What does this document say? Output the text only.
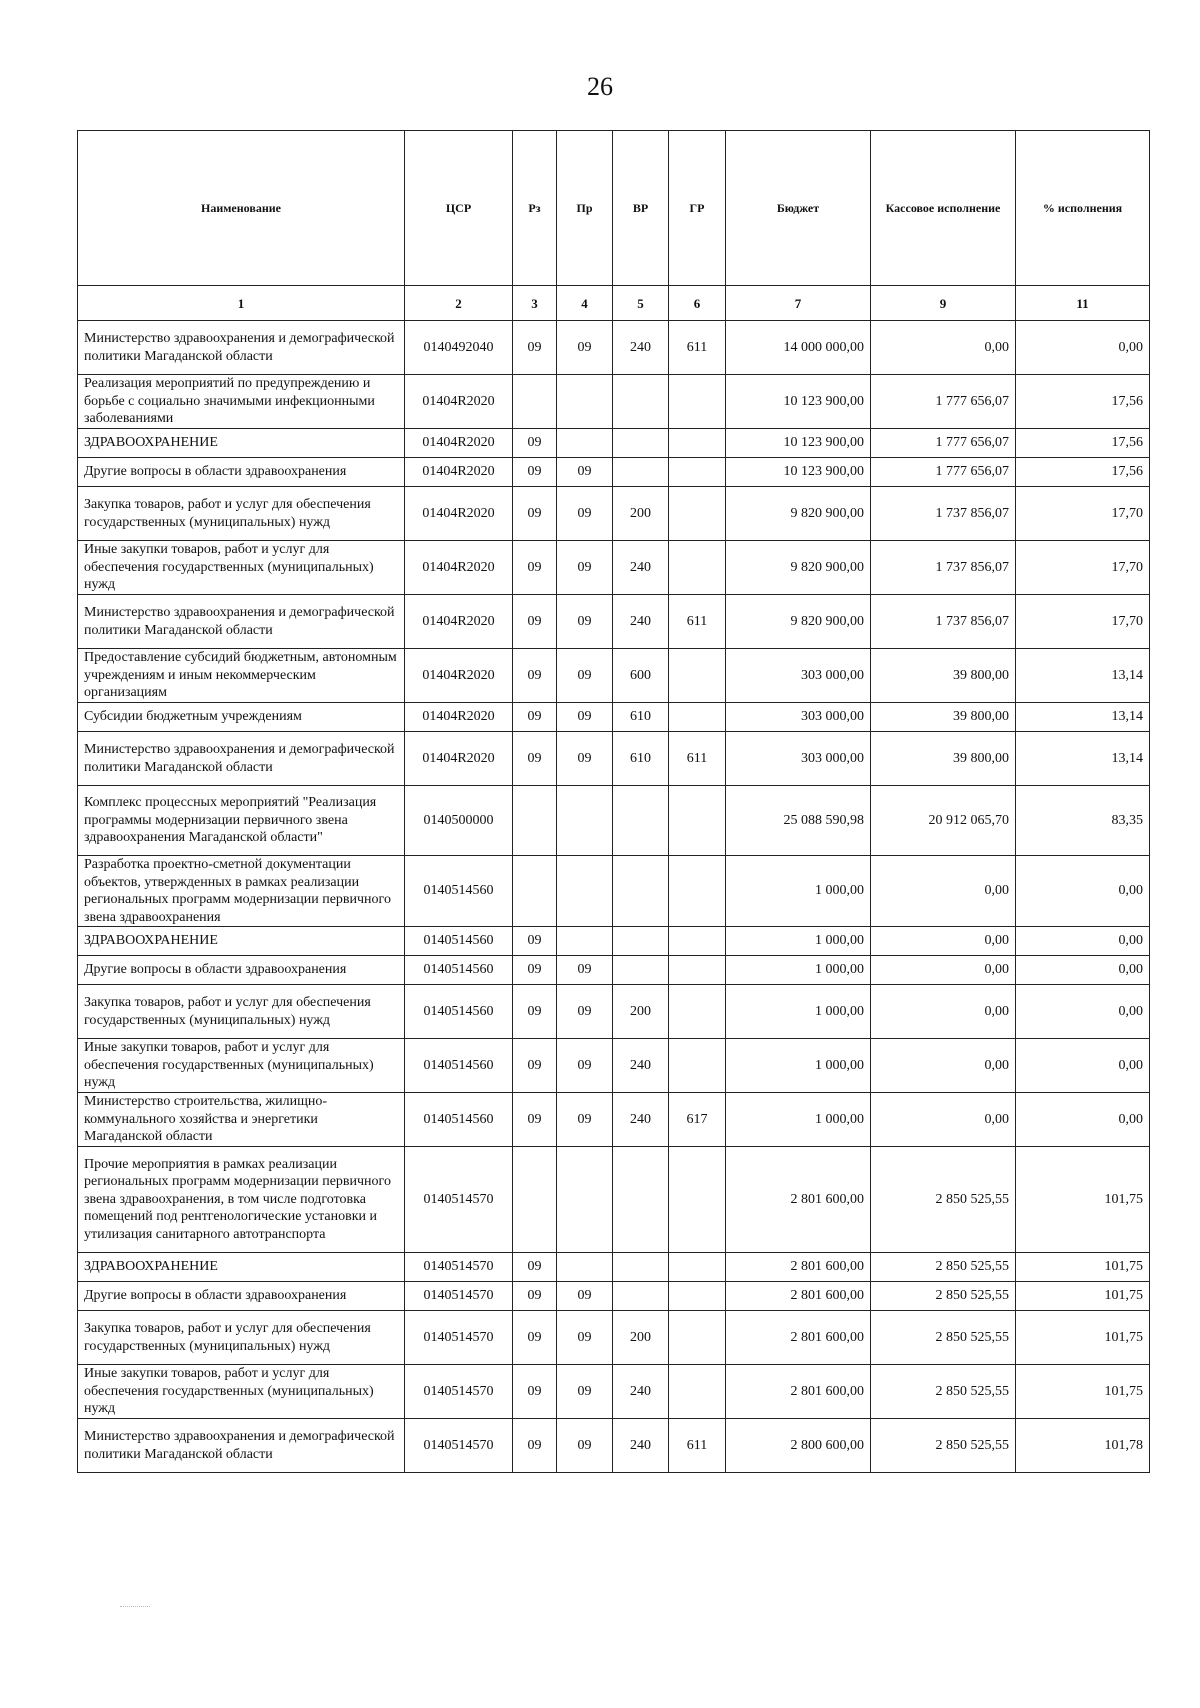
26
Наименование	ЦСР	Рз	Пр	ВР	ГР	Бюджет	Кассовое исполнение	% исполнения
1	2	3	4	5	6	7	9	11
Министерство здравоохранения и демографической политики Магаданской области	0140492040	09	09	240	611	14 000 000,00	0,00	0,00
Реализация мероприятий по предупреждению и борьбе с социально значимыми инфекционными заболеваниями	01404R2020					10 123 900,00	1 777 656,07	17,56
ЗДРАВООХРАНЕНИЕ	01404R2020	09				10 123 900,00	1 777 656,07	17,56
Другие вопросы в области здравоохранения	01404R2020	09	09			10 123 900,00	1 777 656,07	17,56
Закупка товаров, работ и услуг для обеспечения государственных (муниципальных) нужд	01404R2020	09	09	200		9 820 900,00	1 737 856,07	17,70
Иные закупки товаров, работ и услуг для обеспечения государственных (муниципальных) нужд	01404R2020	09	09	240		9 820 900,00	1 737 856,07	17,70
Министерство здравоохранения и демографической политики Магаданской области	01404R2020	09	09	240	611	9 820 900,00	1 737 856,07	17,70
Предоставление субсидий бюджетным, автономным учреждениям и иным некоммерческим организациям	01404R2020	09	09	600		303 000,00	39 800,00	13,14
Субсидии бюджетным учреждениям	01404R2020	09	09	610		303 000,00	39 800,00	13,14
Министерство здравоохранения и демографической политики Магаданской области	01404R2020	09	09	610	611	303 000,00	39 800,00	13,14
Комплекс процессных мероприятий "Реализация программы модернизации первичного звена здравоохранения Магаданской области"	0140500000					25 088 590,98	20 912 065,70	83,35
Разработка проектно-сметной документации объектов, утвержденных в рамках реализации региональных программ модернизации первичного звена здравоохранения	0140514560					1 000,00	0,00	0,00
ЗДРАВООХРАНЕНИЕ	0140514560	09				1 000,00	0,00	0,00
Другие вопросы в области здравоохранения	0140514560	09	09			1 000,00	0,00	0,00
Закупка товаров, работ и услуг для обеспечения государственных (муниципальных) нужд	0140514560	09	09	200		1 000,00	0,00	0,00
Иные закупки товаров, работ и услуг для обеспечения государственных (муниципальных) нужд	0140514560	09	09	240		1 000,00	0,00	0,00
Министерство строительства, жилищно-коммунального хозяйства и энергетики Магаданской области	0140514560	09	09	240	617	1 000,00	0,00	0,00
Прочие мероприятия в рамках реализации региональных программ модернизации первичного звена здравоохранения, в том числе подготовка помещений под рентгенологические установки и утилизация санитарного автотранспорта	0140514570					2 801 600,00	2 850 525,55	101,75
ЗДРАВООХРАНЕНИЕ	0140514570	09				2 801 600,00	2 850 525,55	101,75
Другие вопросы в области здравоохранения	0140514570	09	09			2 801 600,00	2 850 525,55	101,75
Закупка товаров, работ и услуг для обеспечения государственных (муниципальных) нужд	0140514570	09	09	200		2 801 600,00	2 850 525,55	101,75
Иные закупки товаров, работ и услуг для обеспечения государственных (муниципальных) нужд	0140514570	09	09	240		2 801 600,00	2 850 525,55	101,75
Министерство здравоохранения и демографической политики Магаданской области	0140514570	09	09	240	611	2 800 600,00	2 850 525,55	101,78
